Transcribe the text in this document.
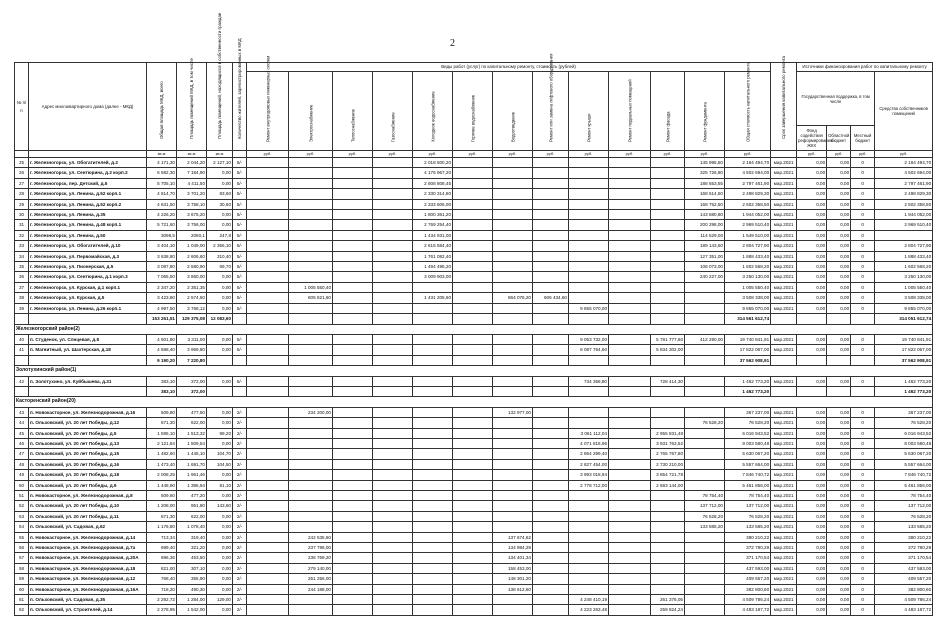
2
№ п/п	Адрес многоквартирного дома (далее - МКД)	Общая площадь МКД, всего	Площадь помещений МКД, в том числе	Площадь помещений, находящихся в собственности граждан	Количество жителей, зарегистрированных в МКД	Виды работ (услуг) по капитальному ремонту, стоимость (рублей)													Срок завершения капитального ремонта	Источники финансирования работ по капитальному ремонту			

						Ремонт внутридомовых инженерных систем	Электроснабжение	Теплоснабжение	Газоснабжение	Холодное водоснабжение	Горячее водоснабжение	Водоотведение	Ремонт или замена лифтового оборудования	Ремонт крыши	Ремонт подвальных помещений	Ремонт фасада	Ремонт фундамента	Общая стоимость капитального ремонта		Государственная поддержка, в том числе			Средства собственников помещений
																				Фонд содействия реформированию ЖКХ	Областной бюджет	Местный бюджет	
		кв.м	кв.м	кв.м		руб.	руб.	руб.	руб.	руб.	руб.	руб.	руб.	руб.	руб.	руб.	руб.	руб.		руб.	руб.	руб.	руб.
25	г. Железногорск, ул. Обогатителей, д.2	4 171,30	2 044,20	2 127,10	5/-					2 018 500,20							145 995,50	2 164 494,70	мар.2021	0,00	0,00	0	2 164 494,70
26	г. Железногорск, ул. Сентюрина, д.2 корп.2	6 582,30	7 184,90	0,00	5/-					4 176 967,20							325 726,80	4 502 694,00	мар.2021	0,00	0,00	0	4 502 694,00
27	г. Железногорск, пер. Детский, д.5	5 705,10	4 411,50	0,00	5/-					2 608 808,45							188 653,55	2 797 461,90	мар.2021	0,00	0,00	0	2 797 461,90
28	г. Железногорск, ул. Ленина, д.52 корп.1	4 614,70	3 701,20	83,60	5/-					2 330 314,80							168 514,50	2 498 829,30	мар.2021	0,00	0,00	0	2 498 829,30
29	г. Железногорск, ул. Ленина, д.52 корп.2	4 631,50	3 758,10	30,60	5/-					2 333 606,00							168 752,50	2 502 358,50	мар.2021	0,00	0,00	0	2 502 358,50
30	г. Железногорск, ул. Ленина, д.35	4 226,20	3 675,20	0,00	5/-					1 800 361,20							143 680,80	1 944 052,00	мар.2021	0,00	0,00	0	1 944 052,00
31	г. Железногорск, ул. Ленина, д.48 корп.1	5 721,60	3 756,00	0,00	5/-					2 769 254,40							200 298,00	2 969 510,40	мар.2021	0,00	0,00	0	2 969 510,40
32	г. Железногорск, ул. Ленина, д.50	3098,5	2060,1	247,8	5/-					1 434 931,00							114 529,00	1 549 510,00	мар.2021	0,00	0,00	0	
33	г. Железногорск, ул. Обогатителей, д.10	3 404,10	1 049,00	2 355,10	5/-					2 615 584,40							189 143,50	2 804 727,90	мар.2021	0,00	0,00	0	2 804 727,90
34	г. Железногорск, ул. Первомайская, д.3	3 638,80	2 606,60	310,40	5/-					1 761 082,40							127 351,00	1 888 433,40	мар.2021	0,00	0,00	0	1 888 433,40
35	г. Железногорск, ул. Пионерская, д.5	3 087,80	2 580,90	69,70	5/-					1 494 495,20							108 073,00	1 602 568,20	мар.2021	0,00	0,00	0	1 602 568,20
36	г. Железногорск, ул. Сентюрина, д.1 корп.3	7 065,50	3 860,00	0,00	5/-					3 009 903,00							240 227,00	3 250 130,00	мар.2021	0,00	0,00	0	3 250 130,00
37	г. Железногорск, ул. Курская, д.1 корп.1	2 347,20	2 351,35	0,00	5/-		1 005 550,40											1 005 550,40	мар.2021	0,00	0,00	0	1 005 550,40
38	г. Железногорск, ул. Курская, д.5	3 423,80	2 574,50	0,00	5/-		605 621,60			1 431 205,60		864 076,20	606 434,60					3 508 338,00	мар.2021	0,00	0,00	0	3 508 338,00
39	г. Железногорск, ул. Ленина, д.26 корп.1	4 997,50	3 768,12	0,00	5/-									9 855 070,00				9 855 070,00	мар.2021	0,00	0,00	0	9 855 070,00
		153 261,51	129 375,08	12 083,60														314 561 612,74					314 051 612,74
Железногорский район(2)																							
40	п. Студенок, ул. Слнцевая, д.8	4 501,80	3 311,00	0,00	5/-									9 053 732,00		5 781 777,60	412 290,00	19 740 841,91	мар.2021	0,00	0,00	0	19 740 841,91
41	п. Магнитный, ул. Шахтерская, д.18	4 688,40	3 969,80	0,00	5/-									6 087 764,60		5 834 302,00		17 822 067,00	мар.2021	0,00	0,00	0	17 822 067,00
		9 190,20	7 220,80															37 562 908,91					37 562 908,91
Золотухинский район(1)																							
42	п. Золотухино, ул. Куйбышева, д.31	383,10	372,00	0,00	5/-									734 358,80		728 414,30		1 462 773,20	мар.2021	0,00	0,00	0	1 462 773,20
		383,10	372,00															1 462 773,20					1 462 773,20
Касторенский район(20)																							
43	п. Новокасторное, ул. Железнодорожная, д.16	509,80	477,50	0,00	2/-		234 200,00					132 977,00						367 237,00	мар.2021	0,00	0,00	0	367 237,00
44	п. Ольховский, ул. 20 лет Победы, д.12	671,30	622,00	0,00	2/-												76 528,20	76 528,20	мар.2021	0,00	0,00	0	76 528,20
45	п. Ольховский, ул. 20 лет Победы, д.5	1 595,10	1 513,32	99,20	2/-									3 061 112,04		2 955 831,48		6 016 943,52	мар.2021	0,00	0,00	0	6 016 943,52
46	п. Ольховский, ул. 20 лет Победы, д.13	2 121,84	1 509,54	0,00	2/-									4 071 816,96		3 931 763,52		8 003 580,48	мар.2021	0,00	0,00	0	8 003 580,48
47	п. Ольховский, ул. 20 лет Победы, д.15	1 482,60	1 445,10	104,70	2/-									2 864 299,40		2 765 767,80		5 630 067,20	мар.2021	0,00	0,00	0	5 630 067,20
48	п. Ольховский, ул. 20 лет Победы, д.16	1 473,40	1 691,70	104,50	2/-									2 827 454,00		2 730 210,00		5 557 664,00	мар.2021	0,00	0,00	0	5 557 664,00
49	п. Ольховский, ул. 20 лет Победы, д.18	2 008,25	1 961,46	0,00	2/-									3 993 018,94		3 854 721,78		7 846 740,72	мар.2021	0,00	0,00	0	7 846 740,72
50	п. Ольховский, ул. 20 лет Победы, д.9	1 448,90	1 395,94	81,10	2/-									2 778 712,00		2 683 144,00		5 461 856,00	мар.2021	0,00	0,00	0	5 461 856,00
51	п. Новокасторное, ул. Железнодорожная, д.8	509,60	477,20	0,00	2/-												78 754,40	78 754,40	мар.2021	0,00	0,00	0	78 754,40
52	п. Ольховский, ул. 20 лет Победы, д.10	1 208,00	951,80	143,60	2/-												137 712,00	137 712,00	мар.2021	0,00	0,00	0	137 712,00
53	п. Ольховский, ул. 20 лет Победы, д.11	671,30	622,00	0,00	2/-												76 528,20	76 528,20	мар.2021	0,00	0,00	0	76 528,20
54	п. Ольховский, ул. Садовая, д.62	1 176,80	1 078,40	0,00	2/-												133 585,20	133 585,20	мар.2021	0,00	0,00	0	133 585,20
55	п. Новокасторное, ул. Железнодорожная, д.14	713,34	319,40	0,00	2/-		242 535,60					137 674,62						380 210,22	мар.2021	0,00	0,00	0	380 210,22
56	п. Новокасторное, ул. Железнодорожная, д.7а	699,40	321,20	0,00	2/-		237 796,00					134 984,29						372 780,29	мар.2021	0,00	0,00	0	372 780,29
57	п. Новокасторное, ул. Железнодорожная, д.20А	696,36	453,50	0,00	2/-		236 769,20					134 401,34						371 170,54	мар.2021	0,00	0,00	0	371 170,54
58	п. Новокасторное, ул. Железнодорожная, д.18	821,00	307,10	0,00	2/-		279 140,00					158 453,00						437 593,00	мар.2021	0,00	0,00	0	437 593,00
59	п. Новокасторное, ул. Железнодорожная, д.12	768,40	355,90	0,00	2/-		261 256,00					148 301,20						409 557,20	мар.2021	0,00	0,00	0	409 557,20
60	п. Новокасторное, ул. Железнодорожная, д.16А	718,20	490,30	0,00	2/-		244 188,00					138 612,60						382 800,60	мар.2021	0,00	0,00	0	382 800,60
61	п. Ольховский, ул. Садовая, д.35	2 292,72	1 284,00	129,00	2/-									4 248 410,19		261 376,05		4 509 786,24	мар.2021	0,00	0,00	0	4 509 786,24
62	п. Ольховский, ул. Строителей, д.14	2 278,95	1 542,00	0,00	2/-									4 223 263,48		259 824,24		4 483 187,72	мар.2021	0,00	0,00	0	4 483 187,72
